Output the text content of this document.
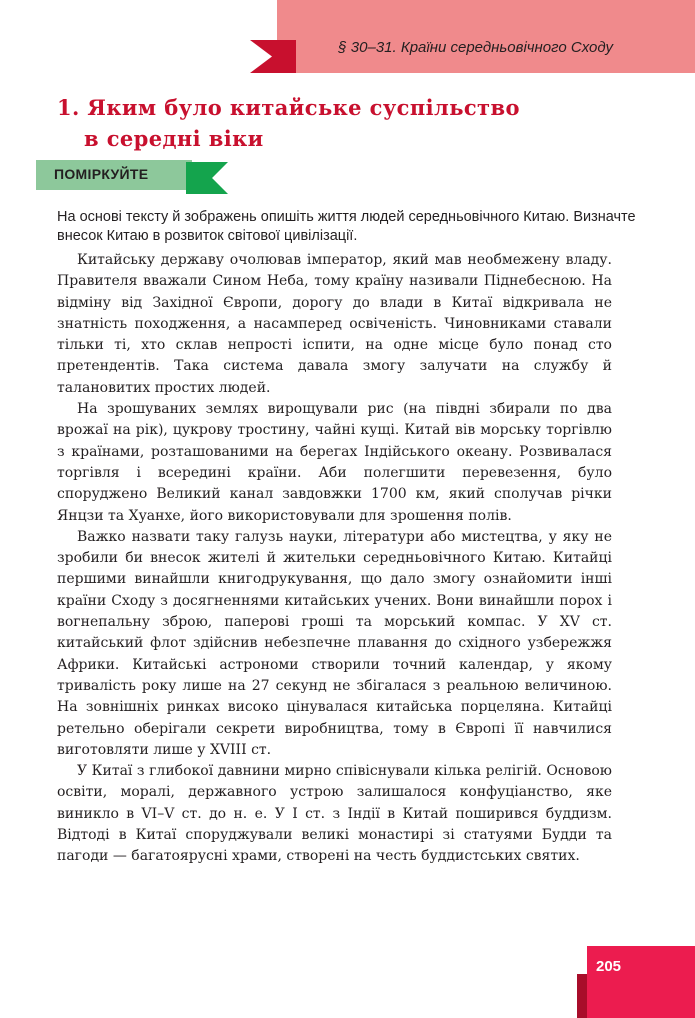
§ 30–31. Країни середньовічного Сходу
1. Яким було китайське суспільство
в середні віки
ПОМІРКУЙТЕ

На основі тексту й зображень опишіть життя людей середньовічного Китаю. Визначте внесок Китаю в розвиток світової цивілізації.

Китайську державу очолював імператор, який мав необмежену владу. Правителя вважали Сином Неба, тому країну називали Піднебесною. На відміну від Західної Європи, дорогу до влади в Китаї відкривала не знатність походження, а насамперед освіченість. Чиновниками ставали тільки ті, хто склав непрості іспити, на одне місце було понад сто претендентів. Така система давала змогу залучати на службу й талановитих простих людей.

На зрошуваних землях вирощували рис (на півдні збирали по два врожаї на рік), цукрову тростину, чайні кущі. Китай вів морську торгівлю з країнами, розташованими на берегах Індійського океану. Розвивалася торгівля і всередині країни. Аби полегшити перевезення, було споруджено Великий канал завдовжки 1700 км, який сполучав річки Янцзи та Хуанхе, його використовували для зрошення полів.

Важко назвати таку галузь науки, літератури або мистецтва, у яку не зробили би внесок жителі й жительки середньовічного Китаю. Китайці першими винайшли книгодрукування, що дало змогу ознайомити інші країни Сходу з досягненнями китайських учених. Вони винайшли порох і вогнепальну зброю, паперові гроші та морський компас. У XV ст. китайський флот здійснив небезпечне плавання до східного узбережжя Африки. Китайські астрономи створили точний календар, у якому тривалість року лише на 27 секунд не збігалася з реальною величиною. На зовнішніх ринках високо цінувалася китайська порцеляна. Китайці ретельно оберігали секрети виробництва, тому в Європі її навчилися виготовляти лише у XVIII ст.

У Китаї з глибокої давнини мирно співіснували кілька релігій. Основою освіти, моралі, державного устрою залишалося конфуціанство, яке виникло в VI–V ст. до н. е. У I ст. з Індії в Китай поширився буддизм. Відтоді в Китаї споруджували великі монастирі зі статуями Будди та пагоди — багатоярусні храми, створені на честь буддистських святих.

205
